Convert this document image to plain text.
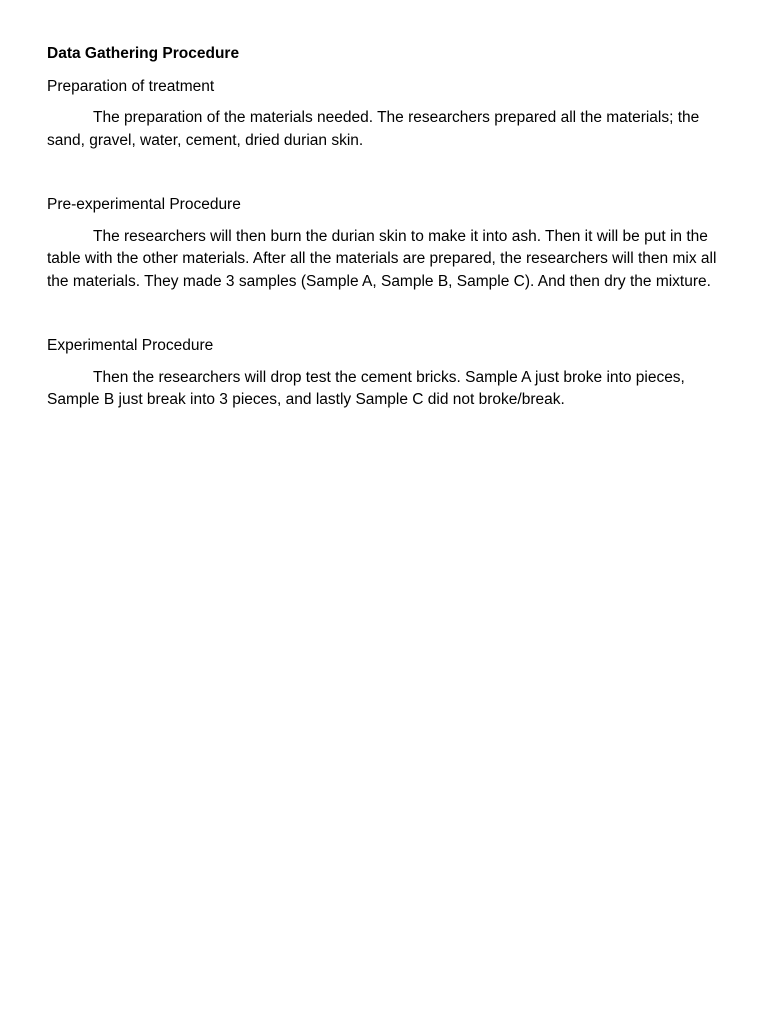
Data Gathering Procedure

Preparation of treatment

The preparation of the materials needed. The researchers prepared all the materials; the sand, gravel, water, cement, dried durian skin.

Pre-experimental Procedure

The researchers will then burn the durian skin to make it into ash. Then it will be put in the table with the other materials. After all the materials are prepared, the researchers will then mix all the materials. They made 3 samples (Sample A, Sample B, Sample C). And then dry the mixture.

Experimental Procedure

Then the researchers will drop test the cement bricks. Sample A just broke into pieces, Sample B just break into 3 pieces, and lastly Sample C did not broke/break.
